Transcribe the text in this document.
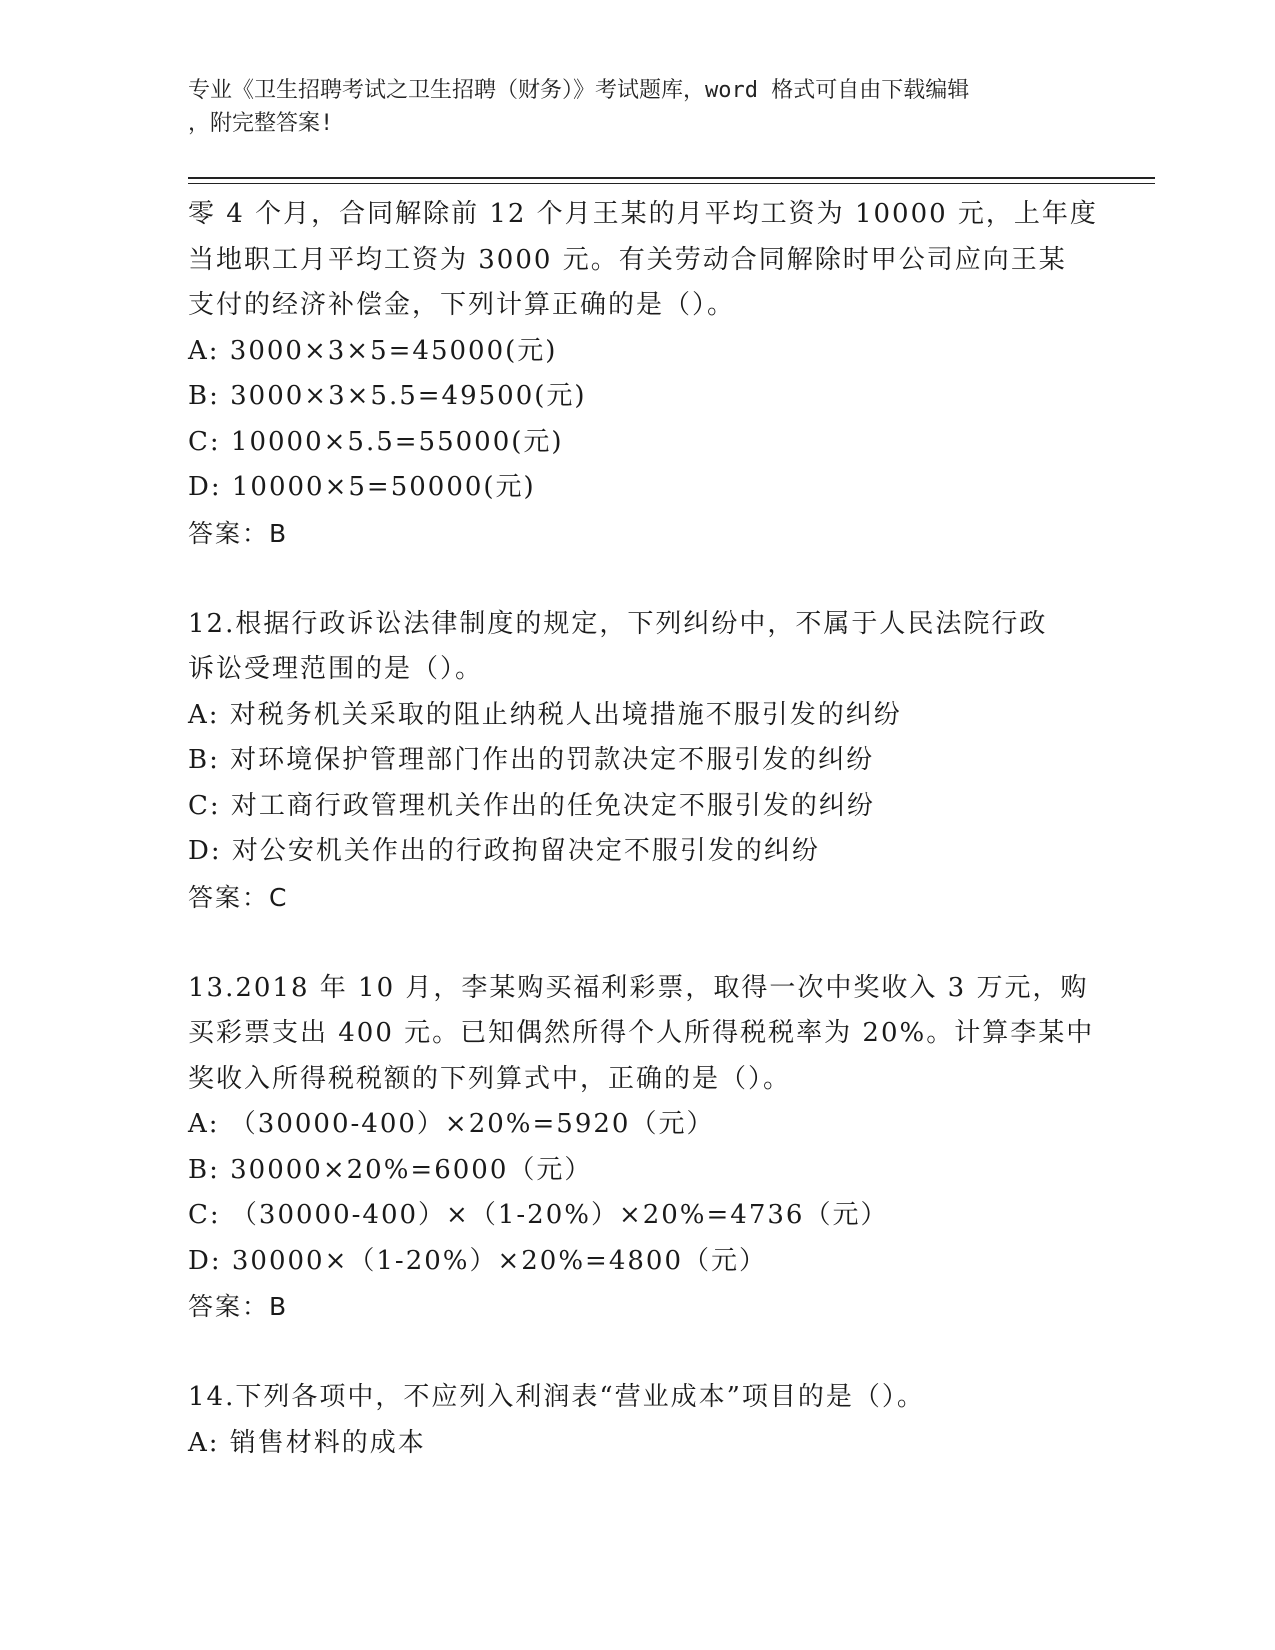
专业《卫生招聘考试之卫生招聘（财务）》考试题库，word 格式可自由下载编辑
，附完整答案!
零 4 个月，合同解除前 12 个月王某的月平均工资为 10000 元，上年度
当地职工月平均工资为 3000 元。有关劳动合同解除时甲公司应向王某
支付的经济补偿金，下列计算正确的是（）。
A: 3000×3×5=45000(元)
B: 3000×3×5.5=49500(元)
C: 10000×5.5=55000(元)
D: 10000×5=50000(元)
答案：B
12.根据行政诉讼法律制度的规定，下列纠纷中，不属于人民法院行政
诉讼受理范围的是（）。
A: 对税务机关采取的阻止纳税人出境措施不服引发的纠纷
B: 对环境保护管理部门作出的罚款决定不服引发的纠纷
C: 对工商行政管理机关作出的任免决定不服引发的纠纷
D: 对公安机关作出的行政拘留决定不服引发的纠纷
答案：C
13.2018 年 10 月，李某购买福利彩票，取得一次中奖收入 3 万元，购
买彩票支出 400 元。已知偶然所得个人所得税税率为 20%。计算李某中
奖收入所得税税额的下列算式中，正确的是（）。
A: （30000-400）×20%=5920（元）
B: 30000×20%=6000（元）
C: （30000-400）×（1-20%）×20%=4736（元）
D: 30000×（1-20%）×20%=4800（元）
答案：B
14.下列各项中，不应列入利润表“营业成本”项目的是（）。
A: 销售材料的成本
